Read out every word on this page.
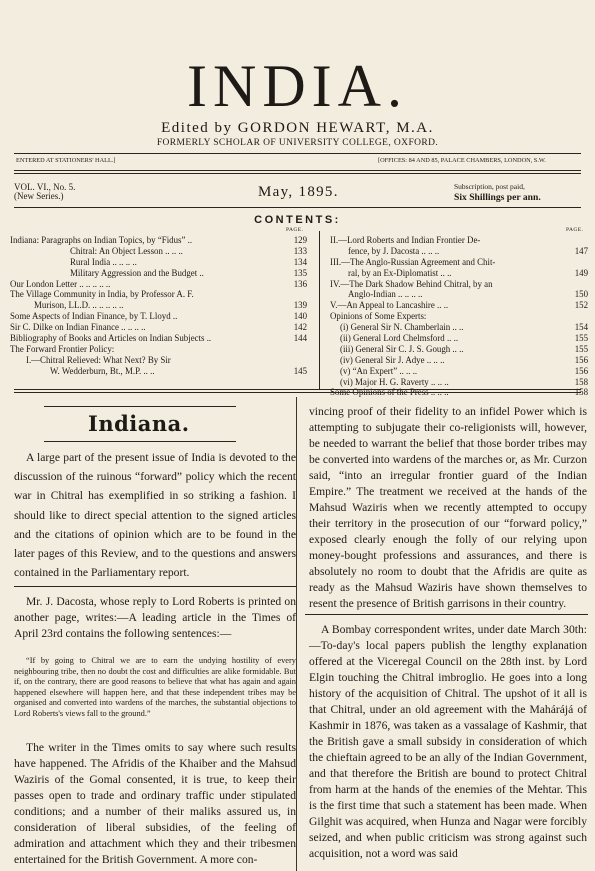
INDIA.
Edited by GORDON HEWART, M.A.
FORMERLY SCHOLAR OF UNIVERSITY COLLEGE, OXFORD.
ENTERED AT STATIONERS' HALL.]	[OFFICES: 84 AND 85, PALACE CHAMBERS, LONDON, S.W.
VOL. VI., No. 5.
(New Series.)	May, 1895.	Subscription, post paid,
Six Shillings per ann.
CONTENTS:
PAGE.	PAGE.
Indiana: Paragraphs on Indian Topics, by “Fidus” ..	129
Chitral: An Object Lesson .. .. ..	133
Rural India .. .. .. ..	134
Military Aggression and the Budget ..	135
Our London Letter .. .. .. .. ..	136
The Village Community in India, by Professor A. F.
Murison, LL.D. .. .. .. .. ..	139
Some Aspects of Indian Finance, by T. Lloyd ..	140
Sir C. Dilke on Indian Finance .. .. .. ..	142
Bibliography of Books and Articles on Indian Subjects ..	144
The Forward Frontier Policy:
I.—Chitral Relieved: What Next? By Sir
W. Wedderburn, Bt., M.P. .. ..	145
II.—Lord Roberts and Indian Frontier De-
fence, by J. Dacosta .. .. ..	147
III.—The Anglo-Russian Agreement and Chit-
ral, by an Ex-Diplomatist .. ..	149
IV.—The Dark Shadow Behind Chitral, by an
Anglo-Indian .. .. .. ..	150
V.—An Appeal to Lancashire .. ..	152
Opinions of Some Experts:
(i) General Sir N. Chamberlain .. ..	154
(ii) General Lord Chelmsford .. ..	155
(iii) General Sir C. J. S. Gough .. ..	155
(iv) General Sir J. Adye .. .. ..	156
(v) “An Expert” .. .. ..	156
(vi) Major H. G. Raverty .. .. ..	158
Some Opinions of the Press .. .. ..	158
Indiana.

A large part of the present issue of India is devoted to the discussion of the ruinous “forward” policy which the recent war in Chitral has exemplified in so striking a fashion. I should like to direct special attention to the signed articles and the citations of opinion which are to be found in the later pages of this Review, and to the questions and answers contained in the Parliamentary report.

Mr. J. Dacosta, whose reply to Lord Roberts is printed on another page, writes:—A leading article in the Times of April 23rd contains the following sentences:—

“If by going to Chitral we are to earn the undying hostility of every neighbouring tribe, then no doubt the cost and difficulties are alike formidable. But if, on the contrary, there are good reasons to believe that what has again and again happened elsewhere will happen here, and that these independent tribes may be organised and converted into wardens of the marches, the substantial objections to Lord Roberts's views fall to the ground.”

The writer in the Times omits to say where such results have happened. The Afridis of the Khaiber and the Mahsud Waziris of the Gomal consented, it is true, to keep their passes open to trade and ordinary traffic under stipulated conditions; and a number of their maliks assured us, in consideration of liberal subsidies, of the feeling of admiration and attachment which they and their tribesmen entertained for the British Government. A more con-

vincing proof of their fidelity to an infidel Power which is attempting to subjugate their co-religionists will, however, be needed to warrant the belief that those border tribes may be converted into wardens of the marches or, as Mr. Curzon said, “into an irregular frontier guard of the Indian Empire.” The treatment we received at the hands of the Mahsud Waziris when we recently attempted to occupy their territory in the prosecution of our “forward policy,” exposed clearly enough the folly of our relying upon money-bought professions and assurances, and there is absolutely no room to doubt that the Afridis are quite as ready as the Mahsud Waziris have shown themselves to resent the presence of British garrisons in their country.

A Bombay correspondent writes, under date March 30th:—To-day's local papers publish the lengthy explanation offered at the Viceregal Council on the 28th inst. by Lord Elgin touching the Chitral imbroglio. He goes into a long history of the acquisition of Chitral. The upshot of it all is that Chitral, under an old agreement with the Mahárájá of Kashmir in 1876, was taken as a vassalage of Kashmir, that the British gave a small subsidy in consideration of which the chieftain agreed to be an ally of the Indian Government, and that therefore the British are bound to protect Chitral from harm at the hands of the enemies of the Mehtar. This is the first time that such a statement has been made. When Gilghit was acquired, when Hunza and Nagar were forcibly seized, and when public criticism was strong against such acquisition, not a word was said
